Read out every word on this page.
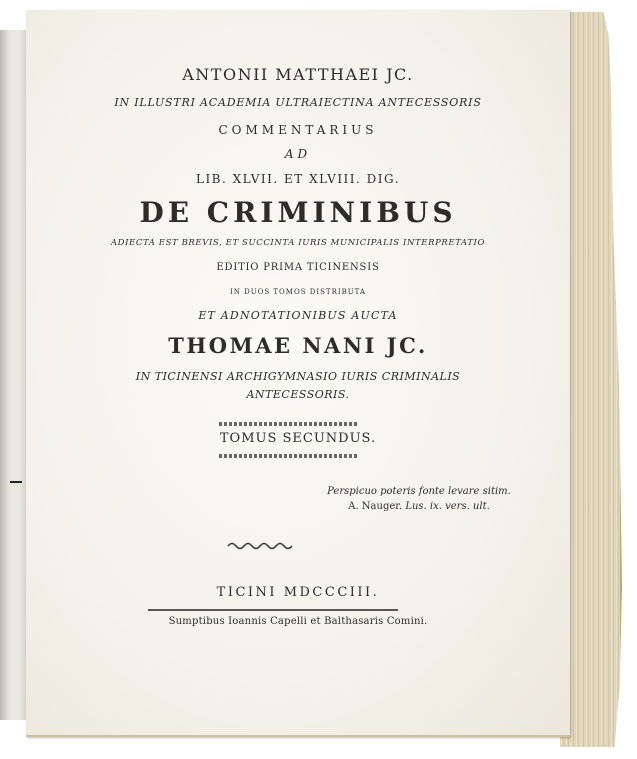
ANTONII MATTHAEI JC.
IN ILLUSTRI ACADEMIA ULTRAIECTINA ANTECESSORIS
COMMENTARIUS
AD
LIB. XLVII. ET XLVIII. DIG.
DE CRIMINIBUS
ADIECTA EST BREVIS, ET SUCCINTA IURIS MUNICIPALIS INTERPRETATIO
EDITIO PRIMA TICINENSIS
IN DUOS TOMOS DISTRIBUTA
ET ADNOTATIONIBUS AUCTA
THOMAE NANI JC.
IN TICINENSI ARCHIGYMNASIO IURIS CRIMINALIS
ANTECESSORIS.
TOMUS SECUNDUS.
Perspicuo poteris fonte levare sitim.
A. Nauger. Lus. ix. vers. ult.
TICINI MDCCCIII.
Sumptibus Ioannis Capelli et Balthasaris Comini.
